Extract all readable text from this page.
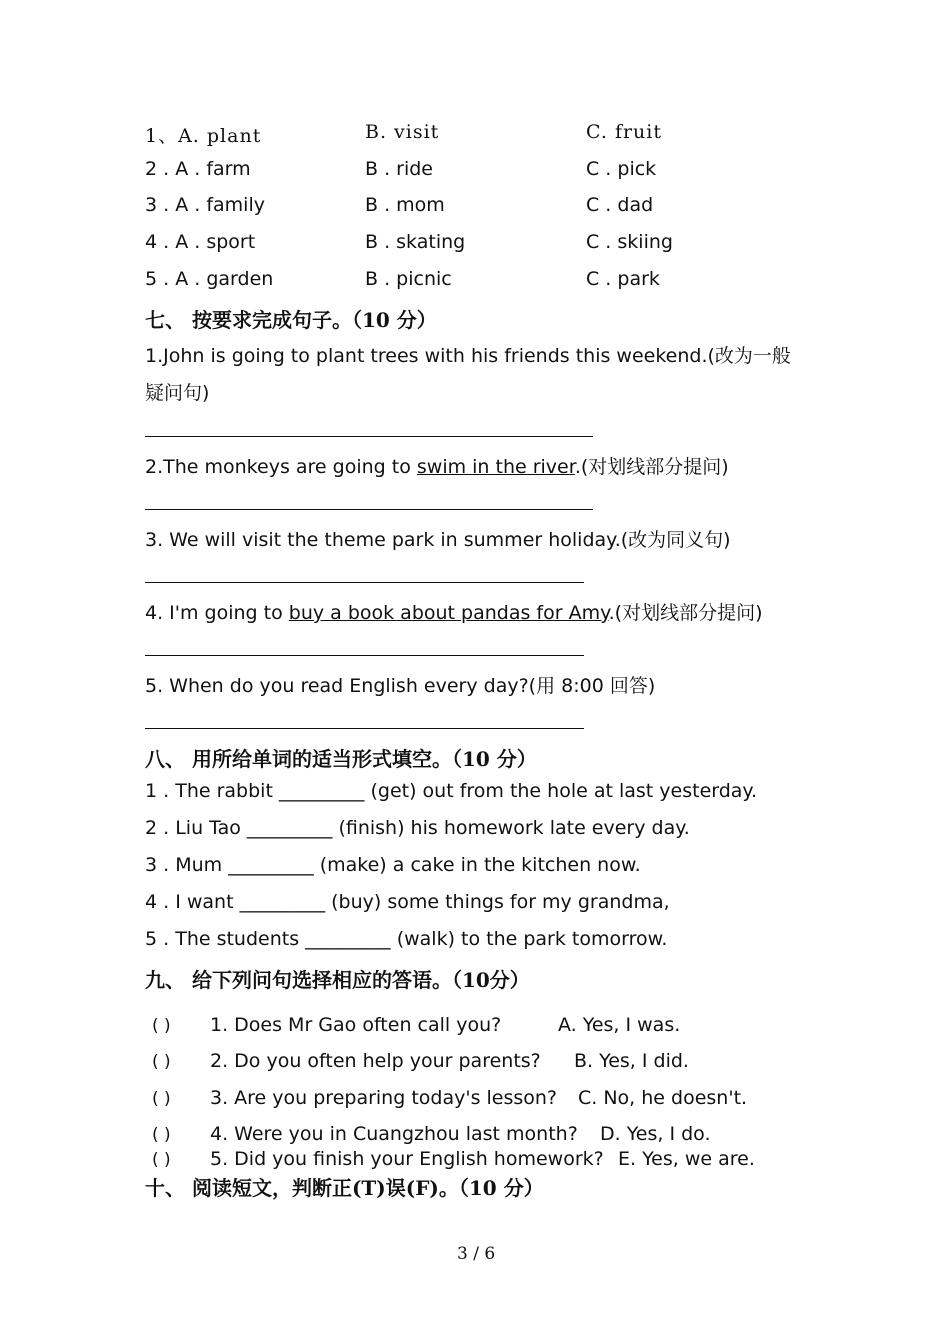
1、A. plant	B. visit	C. fruit
2 . A . farm	B . ride	C . pick
3 . A . family	B . mom	C . dad
4 . A . sport	B . skating	C . skiing
5 . A . garden	B . picnic	C . park
七、 按要求完成句子。（10 分）
1.John is going to plant trees with his friends this weekend.(改为一般
疑问句)
2.The monkeys are going to swim in the river.(对划线部分提问)
3. We will visit the theme park in summer holiday.(改为同义句)
4. I'm going to buy a book about pandas for Amy.(对划线部分提问)
5. When do you read English every day?(用 8:00 回答)
八、 用所给单词的适当形式填空。（10 分）
1 . The rabbit _________ (get) out from the hole at last yesterday.
2 . Liu Tao _________ (finish) his homework late every day.
3 . Mum _________ (make) a cake in the kitchen now.
4 . I want _________ (buy) some things for my grandma,
5 . The students _________ (walk) to the park tomorrow.
九、 给下列问句选择相应的答语。（10分）
( ) 1. Does Mr Gao often call you?	A. Yes, I was.
( ) 2. Do you often help your parents? B. Yes, I did.
( ) 3. Are you preparing today's lesson? C. No, he doesn't.
( ) 4. Were you in Cuangzhou last month? D. Yes, I do.
( ) 5. Did you finish your English homework? E. Yes, we are.
十、 阅读短文，判断正(T)误(F)。（10 分）
3 / 6
